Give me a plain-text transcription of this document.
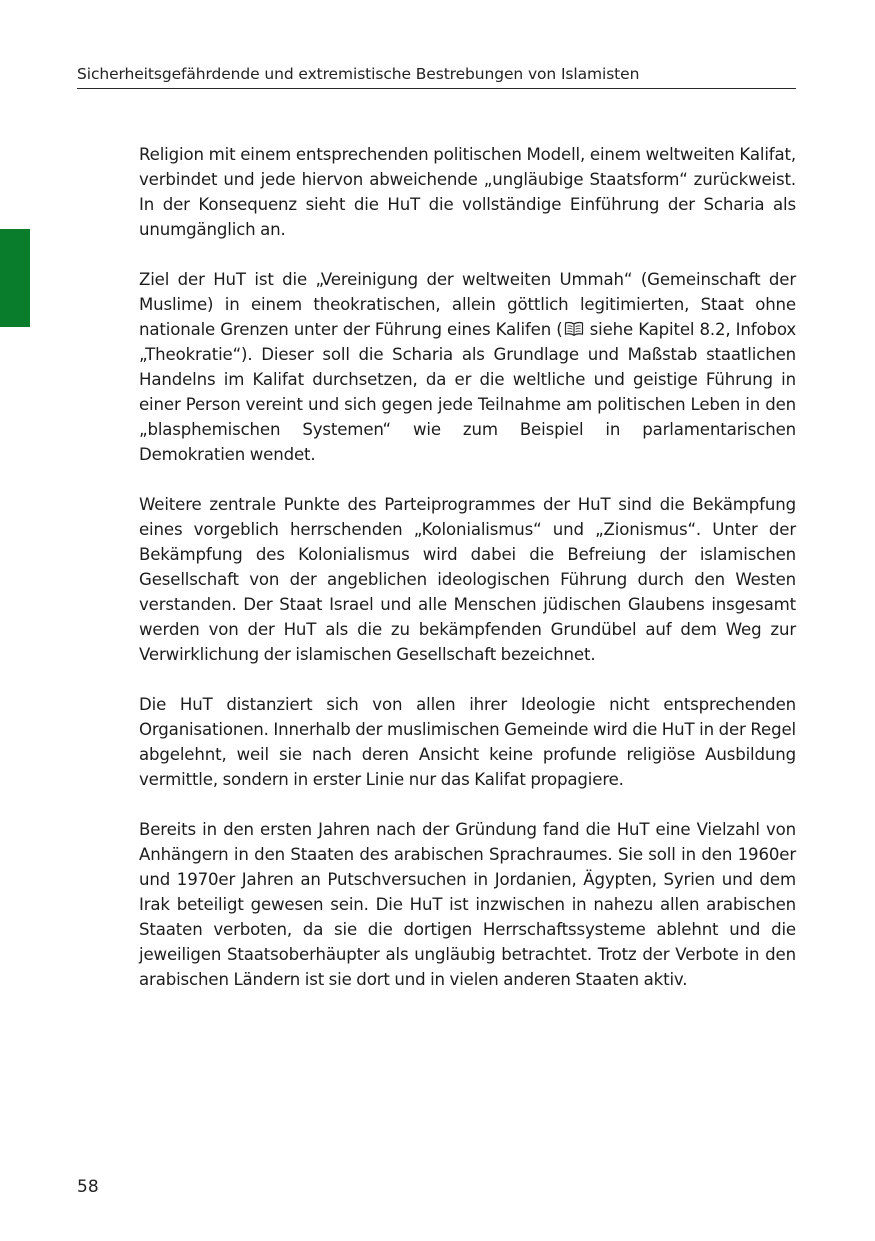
Sicherheitsgefährdende und extremistische Bestrebungen von Islamisten

Religion mit einem entsprechenden politischen Modell, einem weltweiten Kalifat, verbindet und jede hiervon abweichende „ungläubige Staatsform“ zurückweist. In der Konsequenz sieht die HuT die vollständige Einführung der Scharia als unumgänglich an.

Ziel der HuT ist die „Vereinigung der weltweiten Ummah“ (Gemeinschaft der Muslime) in einem theokratischen, allein göttlich legitimierten, Staat ohne nationale Grenzen unter der Führung eines Kalifen ( siehe Kapitel 8.2, Infobox „Theokratie“). Dieser soll die Scharia als Grundlage und Maßstab staatlichen Handelns im Kalifat durchsetzen, da er die weltliche und geistige Führung in einer Person vereint und sich gegen jede Teilnahme am politischen Leben in den „blasphemischen Systemen“ wie zum Beispiel in parlamentarischen Demokratien wendet.

Weitere zentrale Punkte des Parteiprogrammes der HuT sind die Bekämpfung eines vorgeblich herrschenden „Kolonialismus“ und „Zionismus“. Unter der Bekämpfung des Kolonialismus wird dabei die Befreiung der islamischen Gesellschaft von der angeblichen ideologischen Führung durch den Westen verstanden. Der Staat Israel und alle Menschen jüdischen Glaubens insgesamt werden von der HuT als die zu bekämpfenden Grundübel auf dem Weg zur Verwirklichung der islamischen Gesellschaft bezeichnet.

Die HuT distanziert sich von allen ihrer Ideologie nicht entsprechenden Organisationen. Innerhalb der muslimischen Gemeinde wird die HuT in der Regel abgelehnt, weil sie nach deren Ansicht keine profunde religiöse Ausbildung vermittle, sondern in erster Linie nur das Kalifat propagiere.

Bereits in den ersten Jahren nach der Gründung fand die HuT eine Vielzahl von Anhängern in den Staaten des arabischen Sprachraumes. Sie soll in den 1960er und 1970er Jahren an Putschversuchen in Jordanien, Ägypten, Syrien und dem Irak beteiligt gewesen sein. Die HuT ist inzwischen in nahezu allen arabischen Staaten verboten, da sie die dortigen Herrschaftssysteme ablehnt und die jeweiligen Staatsoberhäupter als ungläubig betrachtet. Trotz der Verbote in den arabischen Ländern ist sie dort und in vielen anderen Staaten aktiv.

58
